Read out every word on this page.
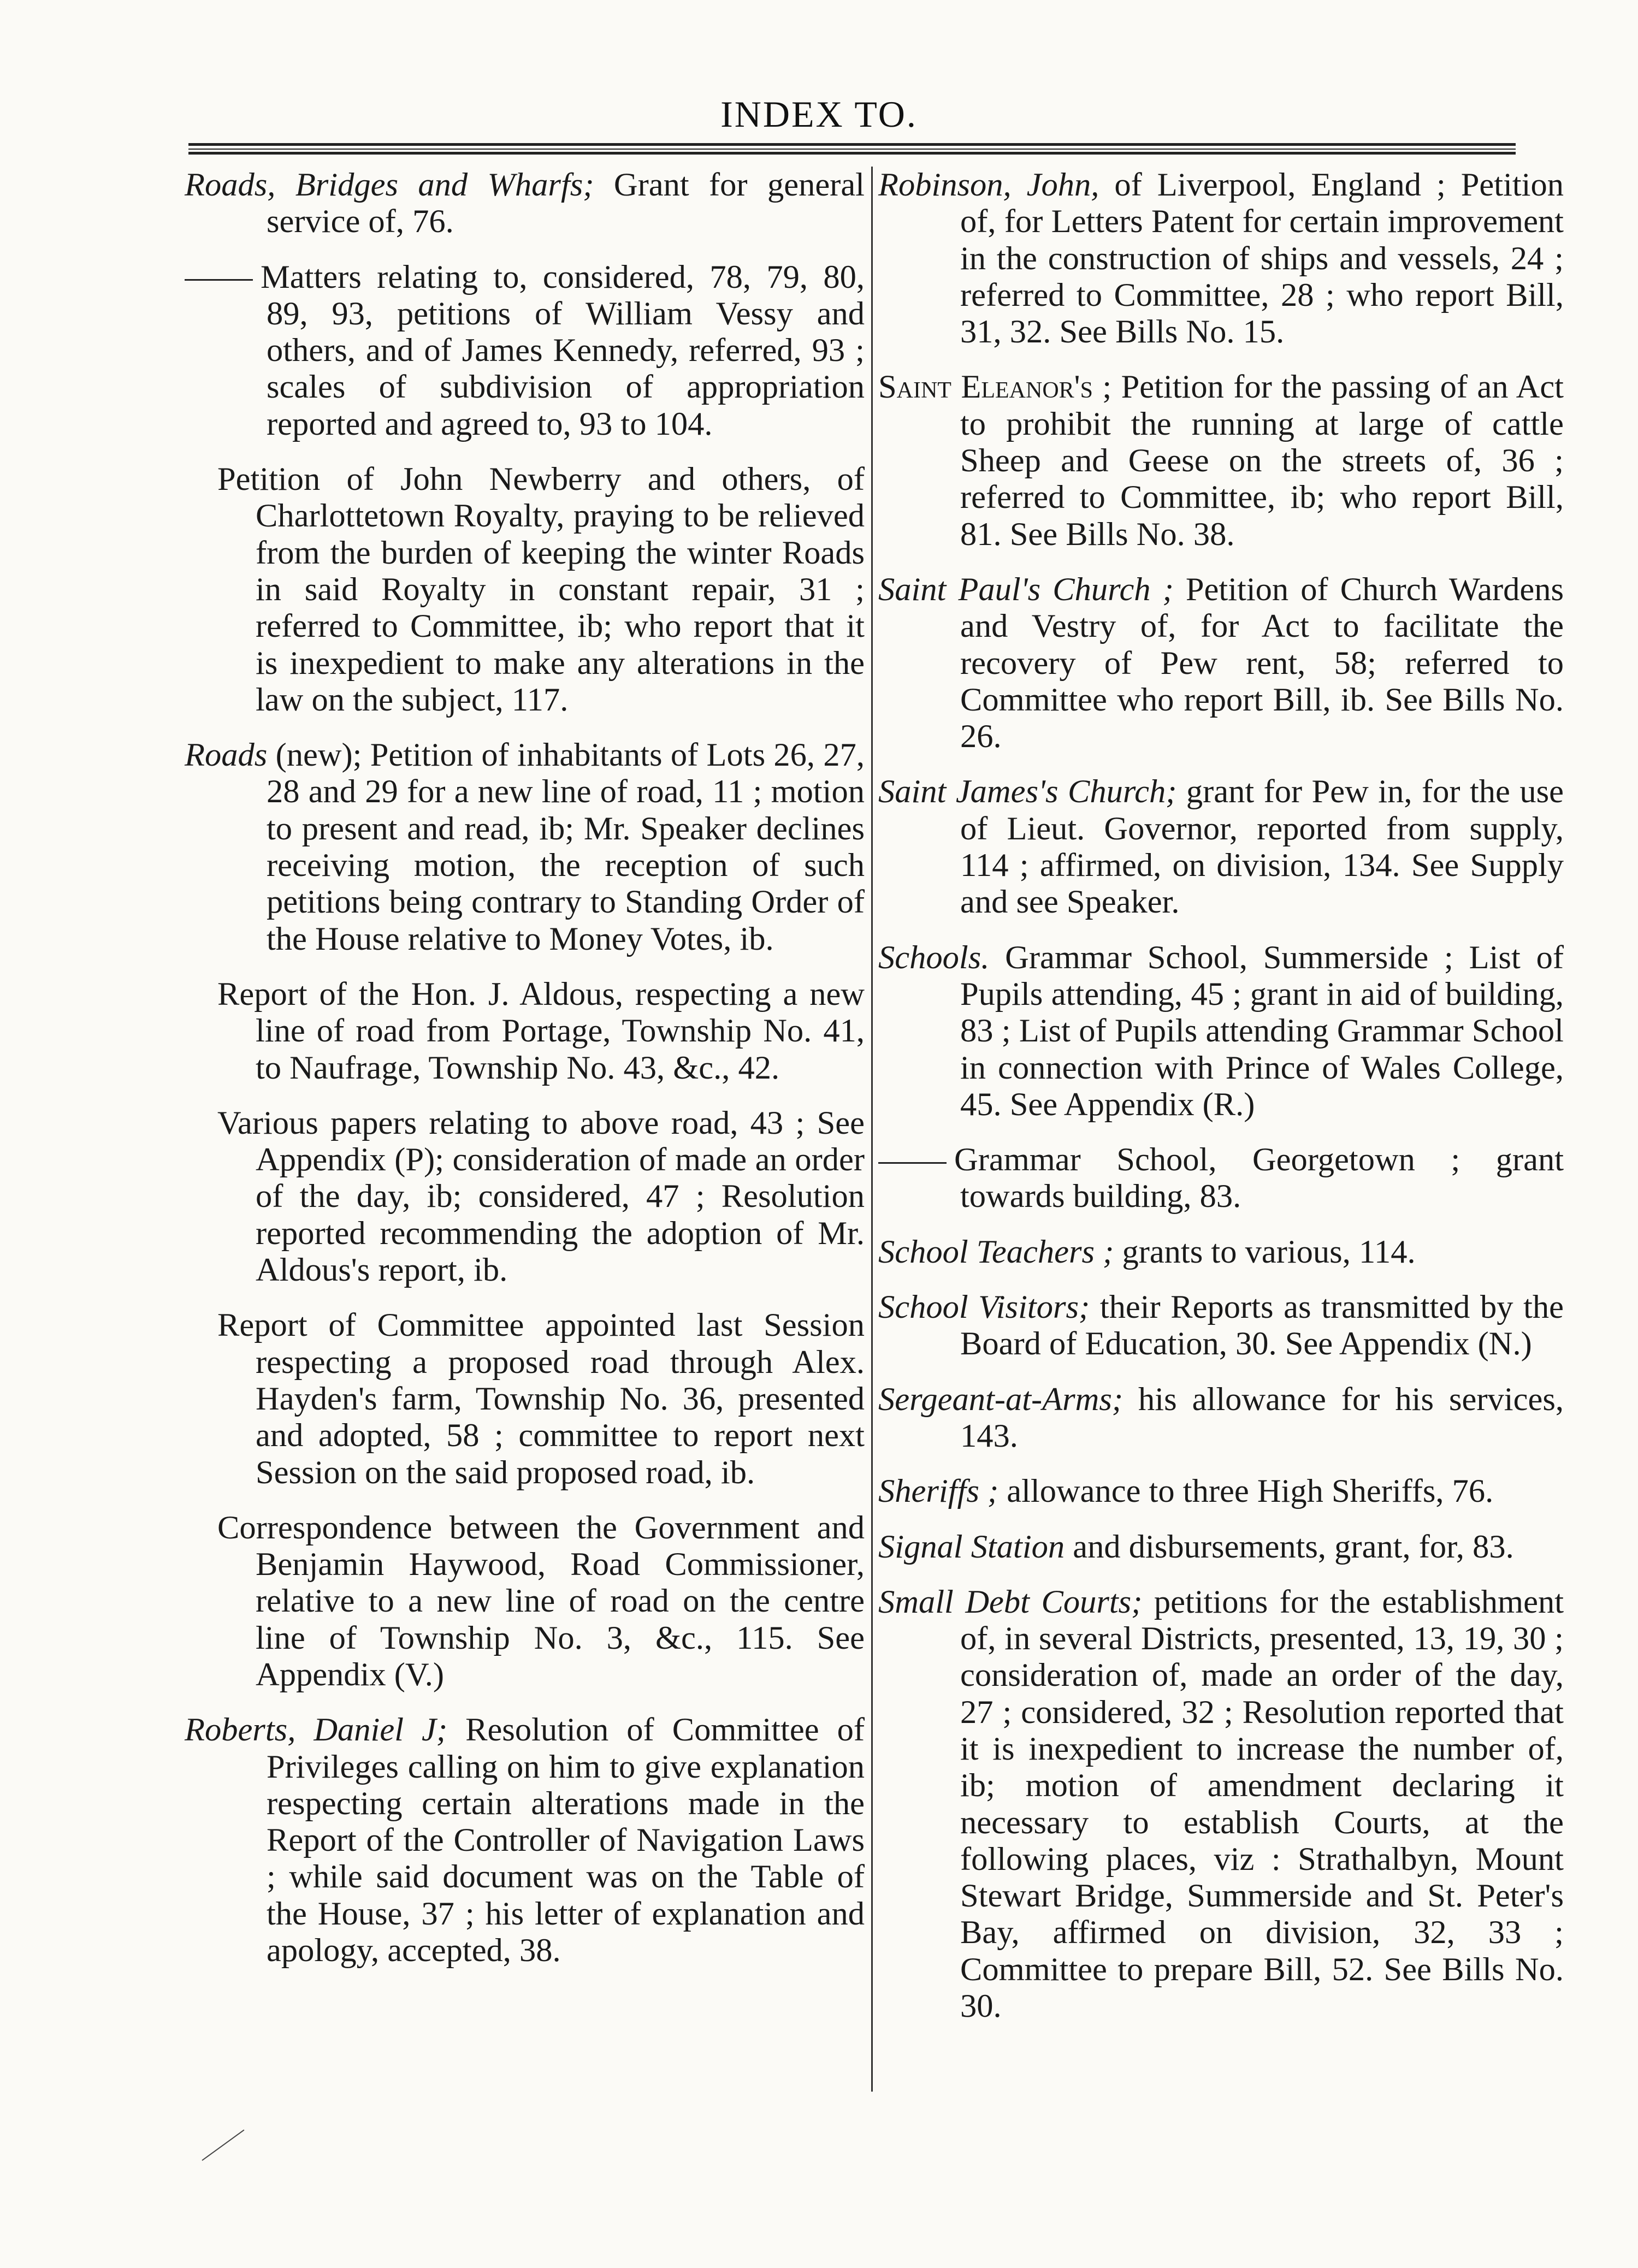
INDEX TO.

Roads, Bridges and Wharfs; Grant for general service of, 76.

Matters relating to, considered, 78, 79, 80, 89, 93, petitions of William Vessy and others, and of James Kennedy, referred, 93 ; scales of subdivision of appropriation reported and agreed to, 93 to 104.

Petition of John Newberry and others, of Charlottetown Royalty, praying to be relieved from the burden of keeping the winter Roads in said Royalty in constant repair, 31 ; referred to Committee, ib; who report that it is inexpedient to make any alterations in the law on the subject, 117.

Roads (new); Petition of inhabitants of Lots 26, 27, 28 and 29 for a new line of road, 11 ; motion to present and read, ib; Mr. Speaker declines receiving motion, the reception of such petitions being contrary to Standing Order of the House relative to Money Votes, ib.

Report of the Hon. J. Aldous, respecting a new line of road from Portage, Township No. 41, to Naufrage, Township No. 43, &c., 42.

Various papers relating to above road, 43 ; See Appendix (P); consideration of made an order of the day, ib; considered, 47 ; Resolution reported recommending the adoption of Mr. Aldous's report, ib.

Report of Committee appointed last Session respecting a proposed road through Alex. Hayden's farm, Township No. 36, presented and adopted, 58 ; committee to report next Session on the said proposed road, ib.

Correspondence between the Government and Benjamin Haywood, Road Commissioner, relative to a new line of road on the centre line of Township No. 3, &c., 115. See Appendix (V.)

Roberts, Daniel J; Resolution of Committee of Privileges calling on him to give explanation respecting certain alterations made in the Report of the Controller of Navigation Laws ; while said document was on the Table of the House, 37 ; his letter of explanation and apology, accepted, 38.

Robinson, John, of Liverpool, England ; Petition of, for Letters Patent for certain improvement in the construction of ships and vessels, 24 ; referred to Committee, 28 ; who report Bill, 31, 32. See Bills No. 15.

Saint Eleanor's ; Petition for the passing of an Act to prohibit the running at large of cattle Sheep and Geese on the streets of, 36 ; referred to Committee, ib; who report Bill, 81. See Bills No. 38.

Saint Paul's Church ; Petition of Church Wardens and Vestry of, for Act to facilitate the recovery of Pew rent, 58; referred to Committee who report Bill, ib. See Bills No. 26.

Saint James's Church; grant for Pew in, for the use of Lieut. Governor, reported from supply, 114 ; affirmed, on division, 134. See Supply and see Speaker.

Schools. Grammar School, Summerside ; List of Pupils attending, 45 ; grant in aid of building, 83 ; List of Pupils attending Grammar School in connection with Prince of Wales College, 45. See Appendix (R.)

Grammar School, Georgetown ; grant towards building, 83.

School Teachers ; grants to various, 114.

School Visitors; their Reports as transmitted by the Board of Education, 30. See Appendix (N.)

Sergeant-at-Arms; his allowance for his services, 143.

Sheriffs ; allowance to three High Sheriffs, 76.

Signal Station and disbursements, grant, for, 83.

Small Debt Courts; petitions for the establishment of, in several Districts, presented, 13, 19, 30 ; consideration of, made an order of the day, 27 ; considered, 32 ; Resolution reported that it is inexpedient to increase the number of, ib; motion of amendment declaring it necessary to establish Courts, at the following places, viz : Strathalbyn, Mount Stewart Bridge, Summerside and St. Peter's Bay, affirmed on division, 32, 33 ; Committee to prepare Bill, 52. See Bills No. 30.
